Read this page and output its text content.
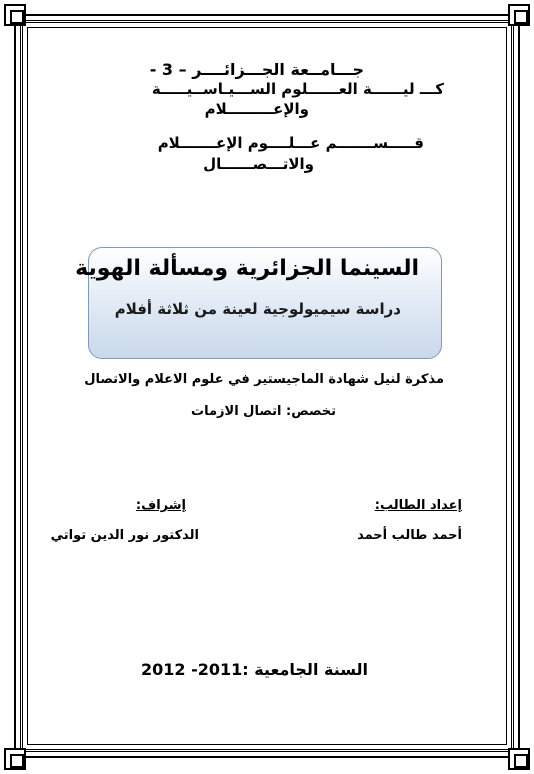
جـــامــعة الجـــزائــــر – 3 -
كـــ ليــــــة العــــــلوم الســـيـاســيـــــة
والإعـــــــــلام
قـــــســـــــم عـــلــــوم الإعـــــــلام
والاتـــصــــــال
السينما الجزائرية ومسألة الهوية
دراسة سيميولوجية لعينة من ثلاثة أفلام
مذكرة لنيل شهادة الماجيستير في علوم الاعلام والاتصال
تخصص: اتصال الازمات
إعداد الطالب:
أحمد طالب أحمد
إشراف:
الدكتور نور الدين تواتي
السنة الجامعية :2011- 2012
